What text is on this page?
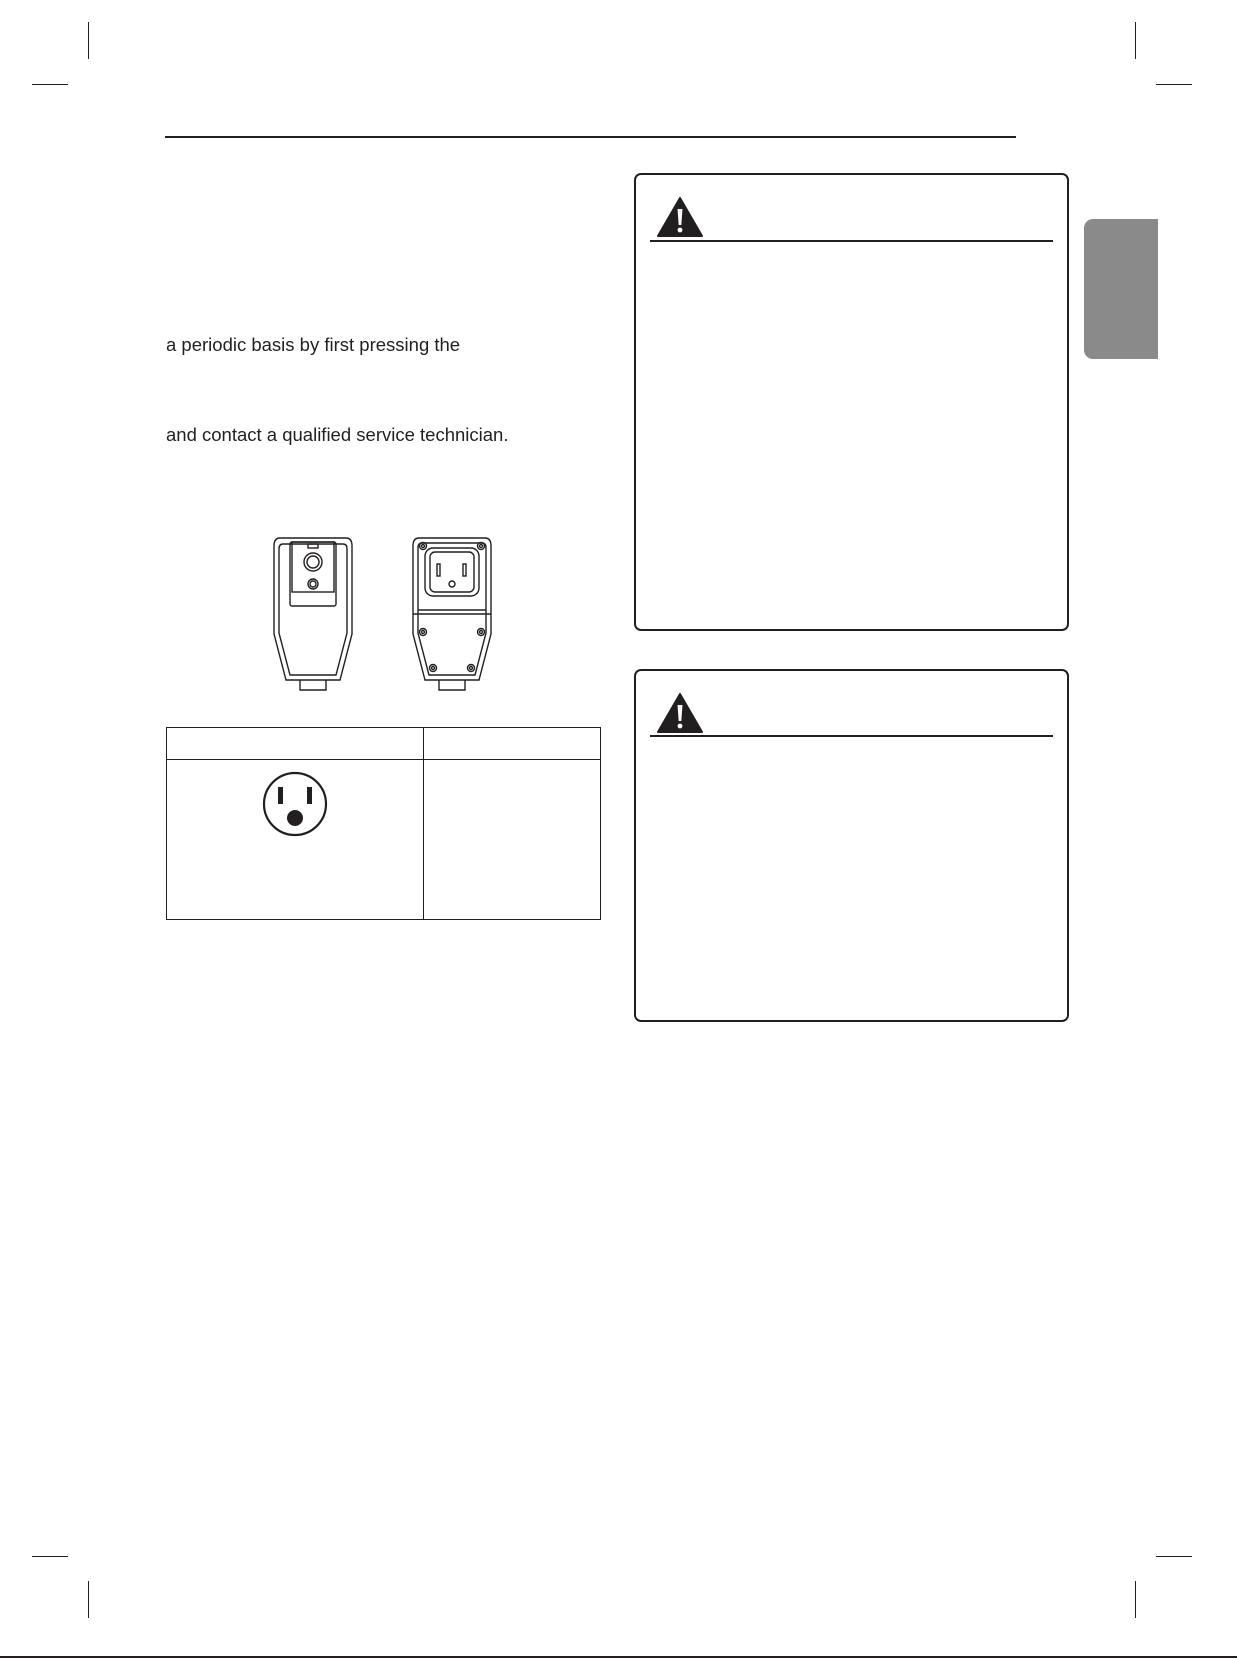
a periodic basis by first pressing the
and contact a qualified service technician.
